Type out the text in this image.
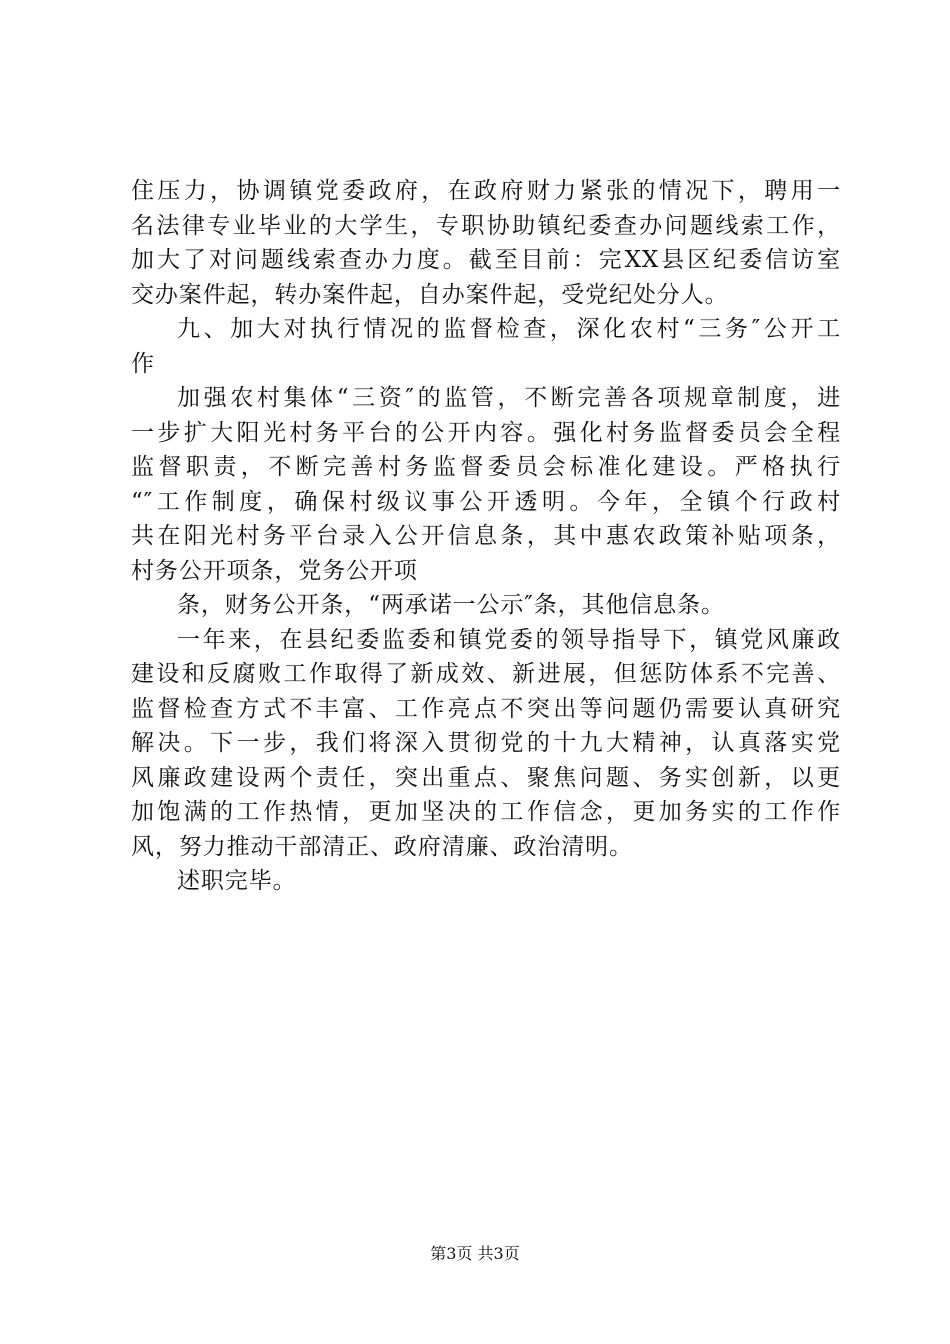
住压力，协调镇党委政府，在政府财力紧张的情况下，聘用一
名法律专业毕业的大学生，专职协助镇纪委查办问题线索工作，
加大了对问题线索查办力度。截至目前：完XX县区纪委信访室
交办案件起，转办案件起，自办案件起，受党纪处分人。
九、加大对执行情况的监督检查，深化农村“三务″公开工
作
加强农村集体“三资″的监管，不断完善各项规章制度，进
一步扩大阳光村务平台的公开内容。强化村务监督委员会全程
监督职责，不断完善村务监督委员会标准化建设。严格执行
“″工作制度，确保村级议事公开透明。今年，全镇个行政村
共在阳光村务平台录入公开信息条，其中惠农政策补贴项条，
村务公开项条，党务公开项
条，财务公开条，“两承诺一公示″条，其他信息条。
一年来，在县纪委监委和镇党委的领导指导下，镇党风廉政
建设和反腐败工作取得了新成效、新进展，但惩防体系不完善、
监督检查方式不丰富、工作亮点不突出等问题仍需要认真研究
解决。下一步，我们将深入贯彻党的十九大精神，认真落实党
风廉政建设两个责任，突出重点、聚焦问题、务实创新，以更
加饱满的工作热情，更加坚决的工作信念，更加务实的工作作
风，努力推动干部清正、政府清廉、政治清明。
述职完毕。
第3页 共3页
